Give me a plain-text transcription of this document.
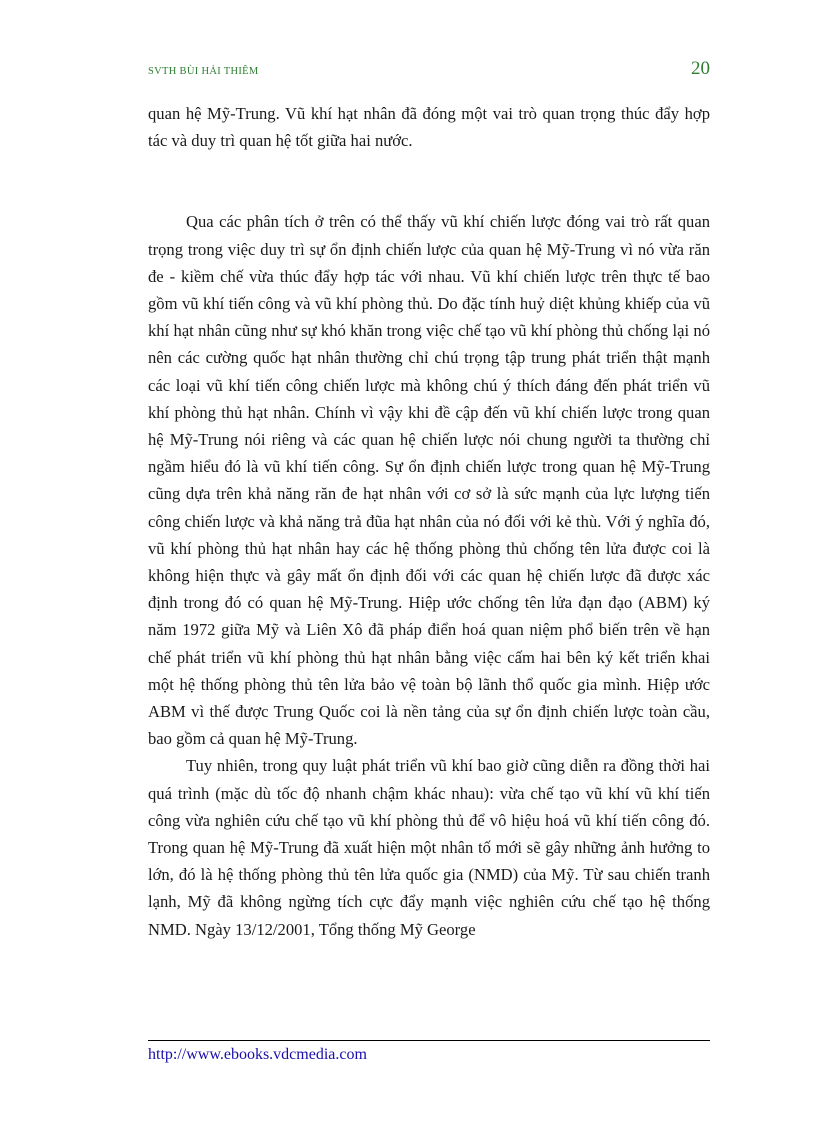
SVTH BÙI HẢI THIÊM	20

quan hệ Mỹ-Trung. Vũ khí hạt nhân đã đóng một vai trò quan trọng thúc đẩy hợp tác và duy trì quan hệ tốt giữa hai nước.

Qua các phân tích ở trên có thể thấy vũ khí chiến lược đóng vai trò rất quan trọng trong việc duy trì sự ổn định chiến lược của quan hệ Mỹ-Trung vì nó vừa răn đe - kiềm chế vừa thúc đẩy hợp tác với nhau. Vũ khí chiến lược trên thực tế bao gồm vũ khí tiến công và vũ khí phòng thủ. Do đặc tính huỷ diệt khủng khiếp của vũ khí hạt nhân cũng như sự khó khăn trong việc chế tạo vũ khí phòng thủ chống lại nó nên các cường quốc hạt nhân thường chỉ chú trọng tập trung phát triển thật mạnh các loại vũ khí tiến công chiến lược mà không chú ý thích đáng đến phát triển vũ khí phòng thủ hạt nhân. Chính vì vậy khi đề cập đến vũ khí chiến lược trong quan hệ Mỹ-Trung nói riêng và các quan hệ chiến lược nói chung người ta thường chỉ ngầm hiểu đó là vũ khí tiến công. Sự ổn định chiến lược trong quan hệ Mỹ-Trung cũng dựa trên khả năng răn đe hạt nhân với cơ sở là sức mạnh của lực lượng tiến công chiến lược và khả năng trả đũa hạt nhân của nó đối với kẻ thù. Với ý nghĩa đó, vũ khí phòng thủ hạt nhân hay các hệ thống phòng thủ chống tên lửa được coi là không hiện thực và gây mất ổn định đối với các quan hệ chiến lược đã được xác định trong đó có quan hệ Mỹ-Trung. Hiệp ước chống tên lửa đạn đạo (ABM) ký năm 1972 giữa Mỹ và Liên Xô đã pháp điển hoá quan niệm phổ biến trên về hạn chế phát triển vũ khí phòng thủ hạt nhân bằng việc cấm hai bên ký kết triển khai một hệ thống phòng thủ tên lửa bảo vệ toàn bộ lãnh thổ quốc gia mình. Hiệp ước ABM vì thế được Trung Quốc coi là nền tảng của sự ổn định chiến lược toàn cầu, bao gồm cả quan hệ Mỹ-Trung.

Tuy nhiên, trong quy luật phát triển vũ khí bao giờ cũng diễn ra đồng thời hai quá trình (mặc dù tốc độ nhanh chậm khác nhau): vừa chế tạo vũ khí vũ khí tiến công vừa nghiên cứu chế tạo vũ khí phòng thủ để vô hiệu hoá vũ khí tiến công đó. Trong quan hệ Mỹ-Trung đã xuất hiện một nhân tố mới sẽ gây những ảnh hưởng to lớn, đó là hệ thống phòng thủ tên lửa quốc gia (NMD) của Mỹ. Từ sau chiến tranh lạnh, Mỹ đã không ngừng tích cực đẩy mạnh việc nghiên cứu chế tạo hệ thống NMD. Ngày 13/12/2001, Tổng thống Mỹ George

http://www.ebooks.vdcmedia.com
